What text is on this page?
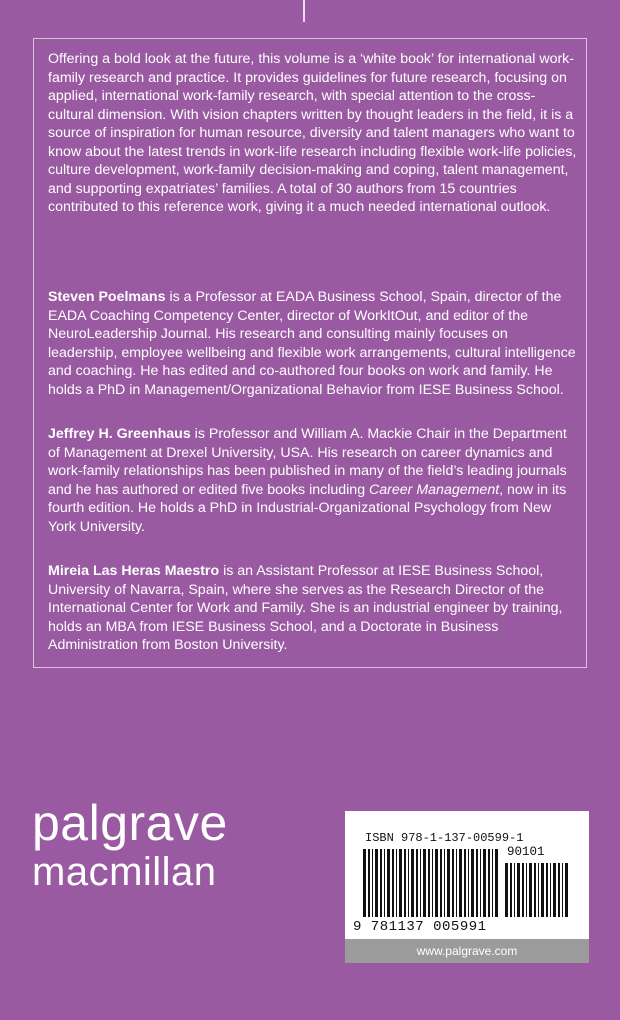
Offering a bold look at the future, this volume is a ‘white book’ for international work-family research and practice. It provides guidelines for future research, focusing on applied, international work-family research, with special attention to the cross-cultural dimension. With vision chapters written by thought leaders in the field, it is a source of inspiration for human resource, diversity and talent managers who want to know about the latest trends in work-life research including flexible work-life policies, culture development, work-family decision-making and coping, talent management, and supporting expatriates’ families. A total of 30 authors from 15 countries contributed to this reference work, giving it a much needed international outlook.
Steven Poelmans is a Professor at EADA Business School, Spain, director of the EADA Coaching Competency Center, director of WorkItOut, and editor of the NeuroLeadership Journal. His research and consulting mainly focuses on leadership, employee wellbeing and flexible work arrangements, cultural intelligence and coaching. He has edited and co-authored four books on work and family. He holds a PhD in Management/Organizational Behavior from IESE Business School.
Jeffrey H. Greenhaus is Professor and William A. Mackie Chair in the Department of Management at Drexel University, USA. His research on career dynamics and work-family relationships has been published in many of the field’s leading journals and he has authored or edited five books including Career Management, now in its fourth edition. He holds a PhD in Industrial-Organizational Psychology from New York University.
Mireia Las Heras Maestro is an Assistant Professor at IESE Business School, University of Navarra, Spain, where she serves as the Research Director of the International Center for Work and Family. She is an industrial engineer by training, holds an MBA from IESE Business School, and a Doctorate in Business Administration from Boston University.
palgrave
macmillan
ISBN 978-1-137-00599-1
90101
9 781137 005991
www.palgrave.com
